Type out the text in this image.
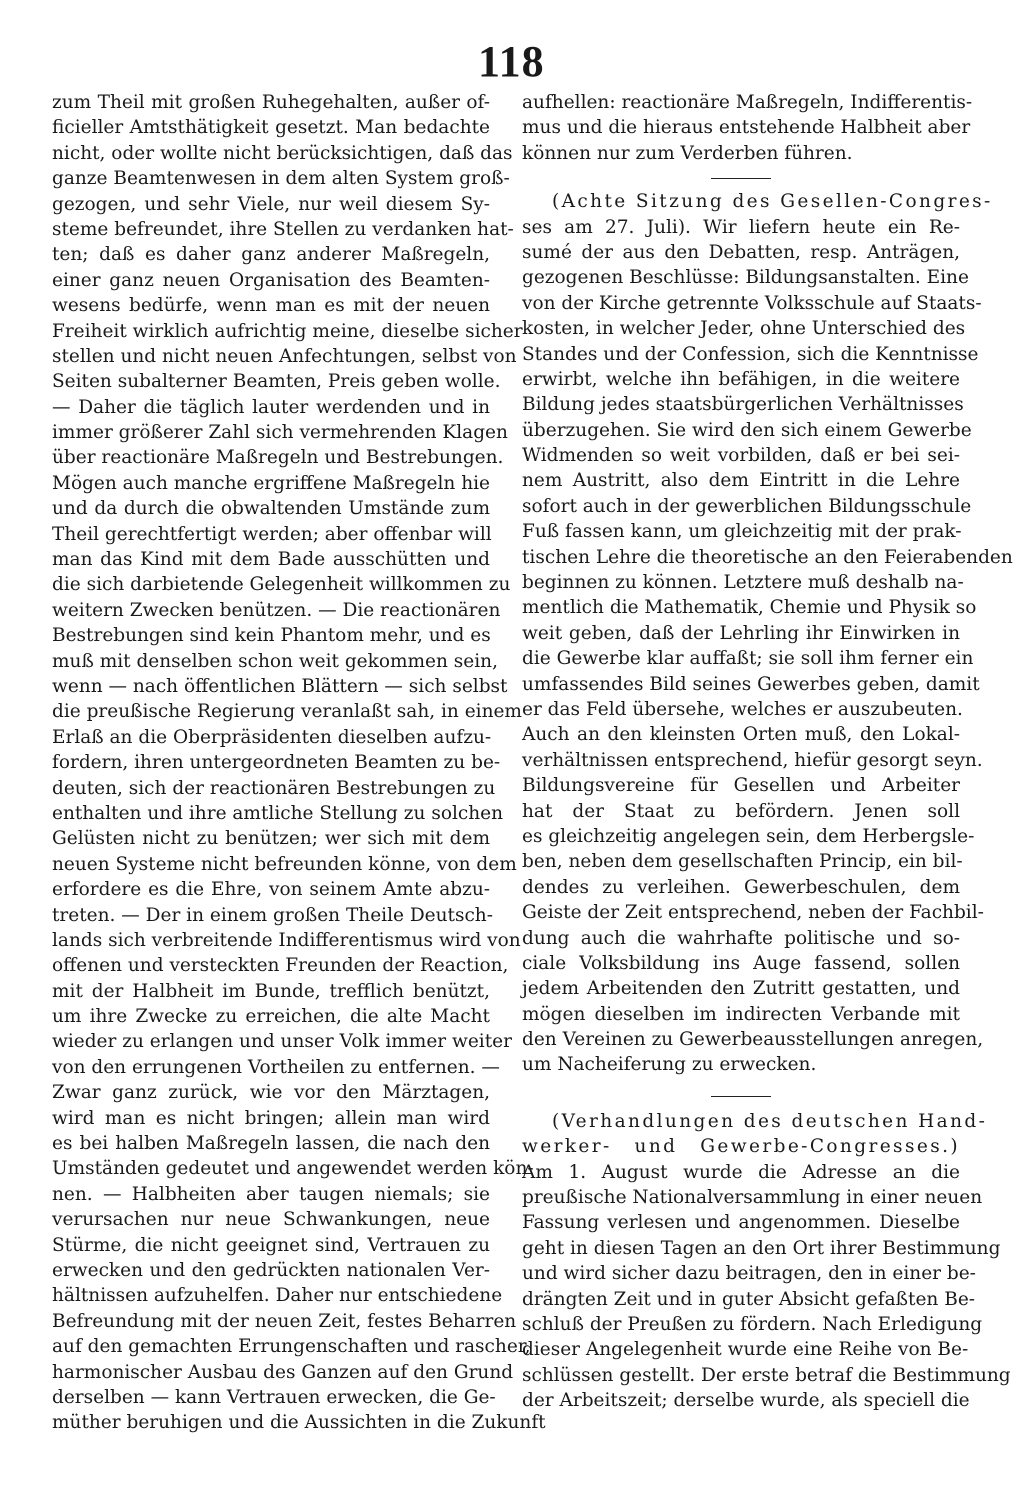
118
zum Theil mit großen Ruhegehalten, außer of-
ficieller Amtsthätigkeit gesetzt. Man bedachte
nicht, oder wollte nicht berücksichtigen, daß das
ganze Beamtenwesen in dem alten System groß-
gezogen, und sehr Viele, nur weil diesem Sy-
steme befreundet, ihre Stellen zu verdanken hat-
ten; daß es daher ganz anderer Maßregeln,
einer ganz neuen Organisation des Beamten-
wesens bedürfe, wenn man es mit der neuen
Freiheit wirklich aufrichtig meine, dieselbe sicher
stellen und nicht neuen Anfechtungen, selbst von
Seiten subalterner Beamten, Preis geben wolle.
— Daher die täglich lauter werdenden und in
immer größerer Zahl sich vermehrenden Klagen
über reactionäre Maßregeln und Bestrebungen.
Mögen auch manche ergriffene Maßregeln hie
und da durch die obwaltenden Umstände zum
Theil gerechtfertigt werden; aber offenbar will
man das Kind mit dem Bade ausschütten und
die sich darbietende Gelegenheit willkommen zu
weitern Zwecken benützen. — Die reactionären
Bestrebungen sind kein Phantom mehr, und es
muß mit denselben schon weit gekommen sein,
wenn — nach öffentlichen Blättern — sich selbst
die preußische Regierung veranlaßt sah, in einem
Erlaß an die Oberpräsidenten dieselben aufzu-
fordern, ihren untergeordneten Beamten zu be-
deuten, sich der reactionären Bestrebungen zu
enthalten und ihre amtliche Stellung zu solchen
Gelüsten nicht zu benützen; wer sich mit dem
neuen Systeme nicht befreunden könne, von dem
erfordere es die Ehre, von seinem Amte abzu-
treten. — Der in einem großen Theile Deutsch-
lands sich verbreitende Indifferentismus wird von
offenen und versteckten Freunden der Reaction,
mit der Halbheit im Bunde, trefflich benützt,
um ihre Zwecke zu erreichen, die alte Macht
wieder zu erlangen und unser Volk immer weiter
von den errungenen Vortheilen zu entfernen. —
Zwar ganz zurück, wie vor den Märztagen,
wird man es nicht bringen; allein man wird
es bei halben Maßregeln lassen, die nach den
Umständen gedeutet und angewendet werden kön-
nen. — Halbheiten aber taugen niemals; sie
verursachen nur neue Schwankungen, neue
Stürme, die nicht geeignet sind, Vertrauen zu
erwecken und den gedrückten nationalen Ver-
hältnissen aufzuhelfen. Daher nur entschiedene
Befreundung mit der neuen Zeit, festes Beharren
auf den gemachten Errungenschaften und rascher,
harmonischer Ausbau des Ganzen auf den Grund
derselben — kann Vertrauen erwecken, die Ge-
müther beruhigen und die Aussichten in die Zukunft
aufhellen: reactionäre Maßregeln, Indifferentis-
mus und die hieraus entstehende Halbheit aber
können nur zum Verderben führen.
(Achte Sitzung des Gesellen-Congres-
ses am 27. Juli). Wir liefern heute ein Re-
sumé der aus den Debatten, resp. Anträgen,
gezogenen Beschlüsse: Bildungsanstalten. Eine
von der Kirche getrennte Volksschule auf Staats-
kosten, in welcher Jeder, ohne Unterschied des
Standes und der Confession, sich die Kenntnisse
erwirbt, welche ihn befähigen, in die weitere
Bildung jedes staatsbürgerlichen Verhältnisses
überzugehen. Sie wird den sich einem Gewerbe
Widmenden so weit vorbilden, daß er bei sei-
nem Austritt, also dem Eintritt in die Lehre
sofort auch in der gewerblichen Bildungsschule
Fuß fassen kann, um gleichzeitig mit der prak-
tischen Lehre die theoretische an den Feierabenden
beginnen zu können. Letztere muß deshalb na-
mentlich die Mathematik, Chemie und Physik so
weit geben, daß der Lehrling ihr Einwirken in
die Gewerbe klar auffaßt; sie soll ihm ferner ein
umfassendes Bild seines Gewerbes geben, damit
er das Feld übersehe, welches er auszubeuten.
Auch an den kleinsten Orten muß, den Lokal-
verhältnissen entsprechend, hiefür gesorgt seyn.
Bildungsvereine für Gesellen und Arbeiter
hat der Staat zu befördern. Jenen soll
es gleichzeitig angelegen sein, dem Herbergsle-
ben, neben dem gesellschaften Princip, ein bil-
dendes zu verleihen. Gewerbeschulen, dem
Geiste der Zeit entsprechend, neben der Fachbil-
dung auch die wahrhafte politische und so-
ciale Volksbildung ins Auge fassend, sollen
jedem Arbeitenden den Zutritt gestatten, und
mögen dieselben im indirecten Verbande mit
den Vereinen zu Gewerbeausstellungen anregen,
um Nacheiferung zu erwecken.
(Verhandlungen des deutschen Hand-
werker- und Gewerbe-Congresses.)
Am 1. August wurde die Adresse an die
preußische Nationalversammlung in einer neuen
Fassung verlesen und angenommen. Dieselbe
geht in diesen Tagen an den Ort ihrer Bestimmung
und wird sicher dazu beitragen, den in einer be-
drängten Zeit und in guter Absicht gefaßten Be-
schluß der Preußen zu fördern. Nach Erledigung
dieser Angelegenheit wurde eine Reihe von Be-
schlüssen gestellt. Der erste betraf die Bestimmung
der Arbeitszeit; derselbe wurde, als speciell die
